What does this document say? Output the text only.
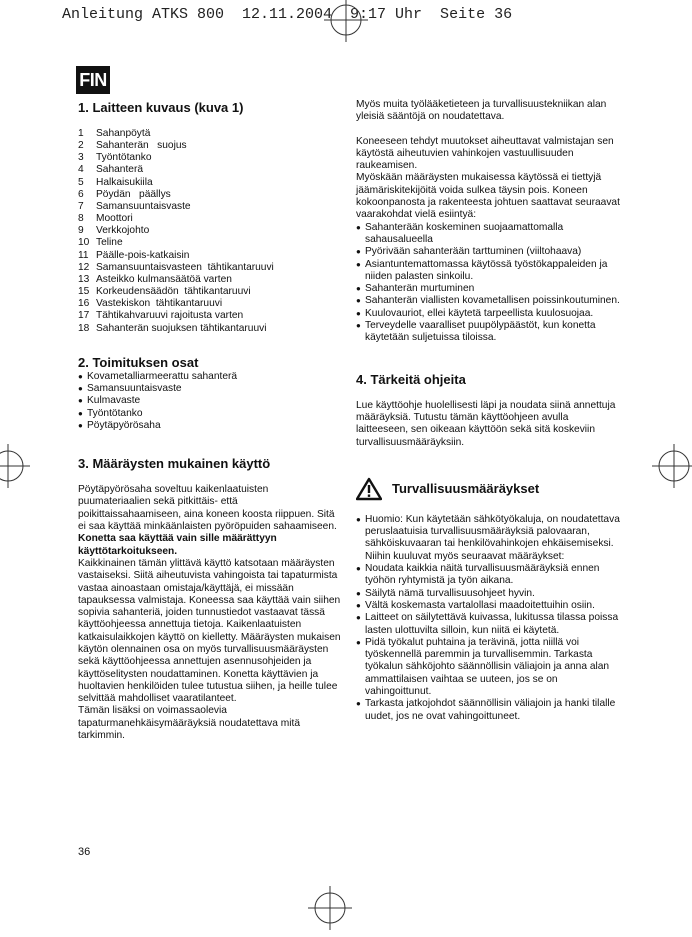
Anleitung ATKS 800  12.11.2004  9:17 Uhr  Seite 36
FIN
1. Laitteen kuvaus (kuva 1)
1	Sahanpöytä
2	Sahanterän   suojus
3	Työntötanko
4	Sahanterä
5	Halkaisukiila
6	Pöydän   päällys
7	Samansuuntaisvaste
8	Moottori
9	Verkkojohto
10 Teline
11 Päälle-pois-katkaisin
12 Samansuuntaisvasteen  tähtikantaruuvi
13 Asteikko kulmansäätöä varten
15 Korkeudensäädön  tähtikantaruuvi
16 Vastekiskon  tähtikantaruuvi
17 Tähtikahvaruuvi rajoitusta varten
18 Sahanterän suojuksen tähtikantaruuvi
2. Toimituksen osat
● Kovametalliarmeerattu sahanterä
● Samansuuntaisvaste
● Kulmavaste
● Työntötanko
● Pöytäpyörösaha
3. Määräysten mukainen käyttö

Pöytäpyörösaha soveltuu kaikenlaatuisten puumateriaalien sekä pitkittäis- että poikittaissahaamiseen, aina koneen koosta riippuen. Sitä ei saa käyttää minkäänlaisten pyöröpuiden sahaamiseen.

Konetta saa käyttää vain sille määrättyyn käyttötarkoitukseen.

Kaikkinainen tämän ylittävä käyttö katsotaan määräysten vastaiseksi. Siitä aiheutuvista vahingoista tai tapaturmista vastaa ainoastaan omistaja/käyttäjä, ei missään tapauksessa valmistaja. Koneessa saa käyttää vain siihen sopivia sahanteriä, joiden tunnustiedot vastaavat tässä käyttöohjeessa annettuja tietoja. Kaikenlaatuisten katkaisulaikkojen käyttö on kielletty. Määräysten mukaisen käytön olennainen osa on myös turvallisuusmääräysten sekä käyttöohjeessa annettujen asennusohjeiden ja käyttöselitysten noudattaminen. Konetta käyttävien ja huoltavien henkilöiden tulee tutustua siihen, ja heille tulee selvittää mahdolliset vaaratilanteet.

Tämän lisäksi on voimassaolevia tapaturmanehkäisymääräyksiä noudatettava mitä tarkimmin.

Myös muita työlääketieteen ja turvallisuustekniikan alan yleisiä sääntöjä on noudatettava.

Koneeseen tehdyt muutokset aiheuttavat valmistajan sen käytöstä aiheutuvien vahinkojen vastuullisuuden raukeamisen.

Myöskään määräysten mukaisessa käytössä ei tiettyjä jäämäriskitekijöitä voida sulkea täysin pois. Koneen kokoonpanosta ja rakenteesta johtuen saattavat seuraavat vaarakohdat vielä esiintyä:

● Sahanterään koskeminen suojaamattomalla sahausalueella
● Pyörivään sahanterään tarttuminen (viiltohaava)
● Asiantuntemattomassa käytössä työstökappaleiden ja niiden palasten sinkoilu.
● Sahanterän murtuminen
● Sahanterän viallisten kovametallisen poissinkoutuminen.
● Kuulovauriot, ellei käytetä tarpeellista kuulosuojaa.
● Terveydelle vaaralliset puupölypäästöt, kun konetta käytetään suljetuissa tiloissa.
4. Tärkeitä ohjeita

Lue käyttöohje huolellisesti läpi ja noudata siinä annettuja määräyksiä. Tutustu tämän käyttöohjeen avulla laitteeseen, sen oikeaan käyttöön sekä sitä koskeviin turvallisuusmääräyksiin.

Turvallisuusmääräykset
● Huomio: Kun käytetään sähkötyökaluja, on noudatettava peruslaatuisia turvallisuusmääräyksiä palovaaran, sähköiskuvaaran tai henkilövahinkojen ehkäisemiseksi. Niihin kuuluvat myös seuraavat määräykset:
● Noudata kaikkia näitä turvallisuusmääräyksiä ennen työhön ryhtymistä ja työn aikana.
● Säilytä nämä turvallisuusohjeet hyvin.
● Vältä koskemasta vartalollasi maadoitettuihin osiin.
● Laitteet on säilytettävä kuivassa, lukitussa tilassa poissa lasten ulottuvilta silloin, kun niitä ei käytetä.
● Pidä työkalut puhtaina ja terävinä, jotta niillä voi työskennellä paremmin ja turvallisemmin. Tarkasta työkalun sähköjohto säännöllisin väliajoin ja anna alan ammattilaisen vaihtaa se uuteen, jos se on vahingoittunut.
● Tarkasta jatkojohdot säännöllisin väliajoin ja hanki tilalle uudet, jos ne ovat vahingoittuneet.
36
